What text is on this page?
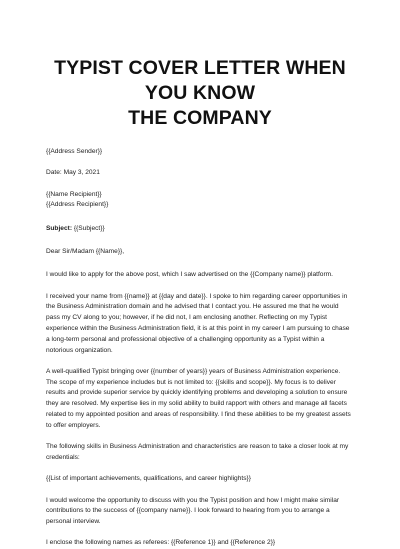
TYPIST COVER LETTER WHEN YOU KNOW
THE COMPANY

{{Address Sender}}

Date: May 3, 2021

{{Name Recipient}}
{{Address Recipient}}

Subject: {{Subject}}

Dear Sir/Madam {{Name}},

I would like to apply for the above post, which I saw advertised on the {{Company name}} platform.

I received your name from {{name}} at {{day and date}}. I spoke to him regarding career opportunities in
the Business Administration domain and he advised that I contact you. He assured me that he would
pass my CV along to you; however, if he did not, I am enclosing another. Reflecting on my Typist
experience within the Business Administration field, it is at this point in my career I am pursuing to chase
a long-term personal and professional objective of a challenging opportunity as a Typist within a
notorious organization.

A well-qualified Typist bringing over {{number of years}} years of Business Administration experience.
The scope of my experience includes but is not limited to: {{skills and scope}}. My focus is to deliver
results and provide superior service by quickly identifying problems and developing a solution to ensure
they are resolved. My expertise lies in my solid ability to build rapport with others and manage all facets
related to my appointed position and areas of responsibility. I find these abilities to be my greatest assets
to offer employers.

The following skills in Business Administration and characteristics are reason to take a closer look at my
credentials:

{{List of important achievements, qualifications, and career highlights}}

I would welcome the opportunity to discuss with you the Typist position and how I might make similar
contributions to the success of {{company name}}. I look forward to hearing from you to arrange a
personal interview.

I enclose the following names as referees: {{Reference 1}} and {{Reference 2}}
